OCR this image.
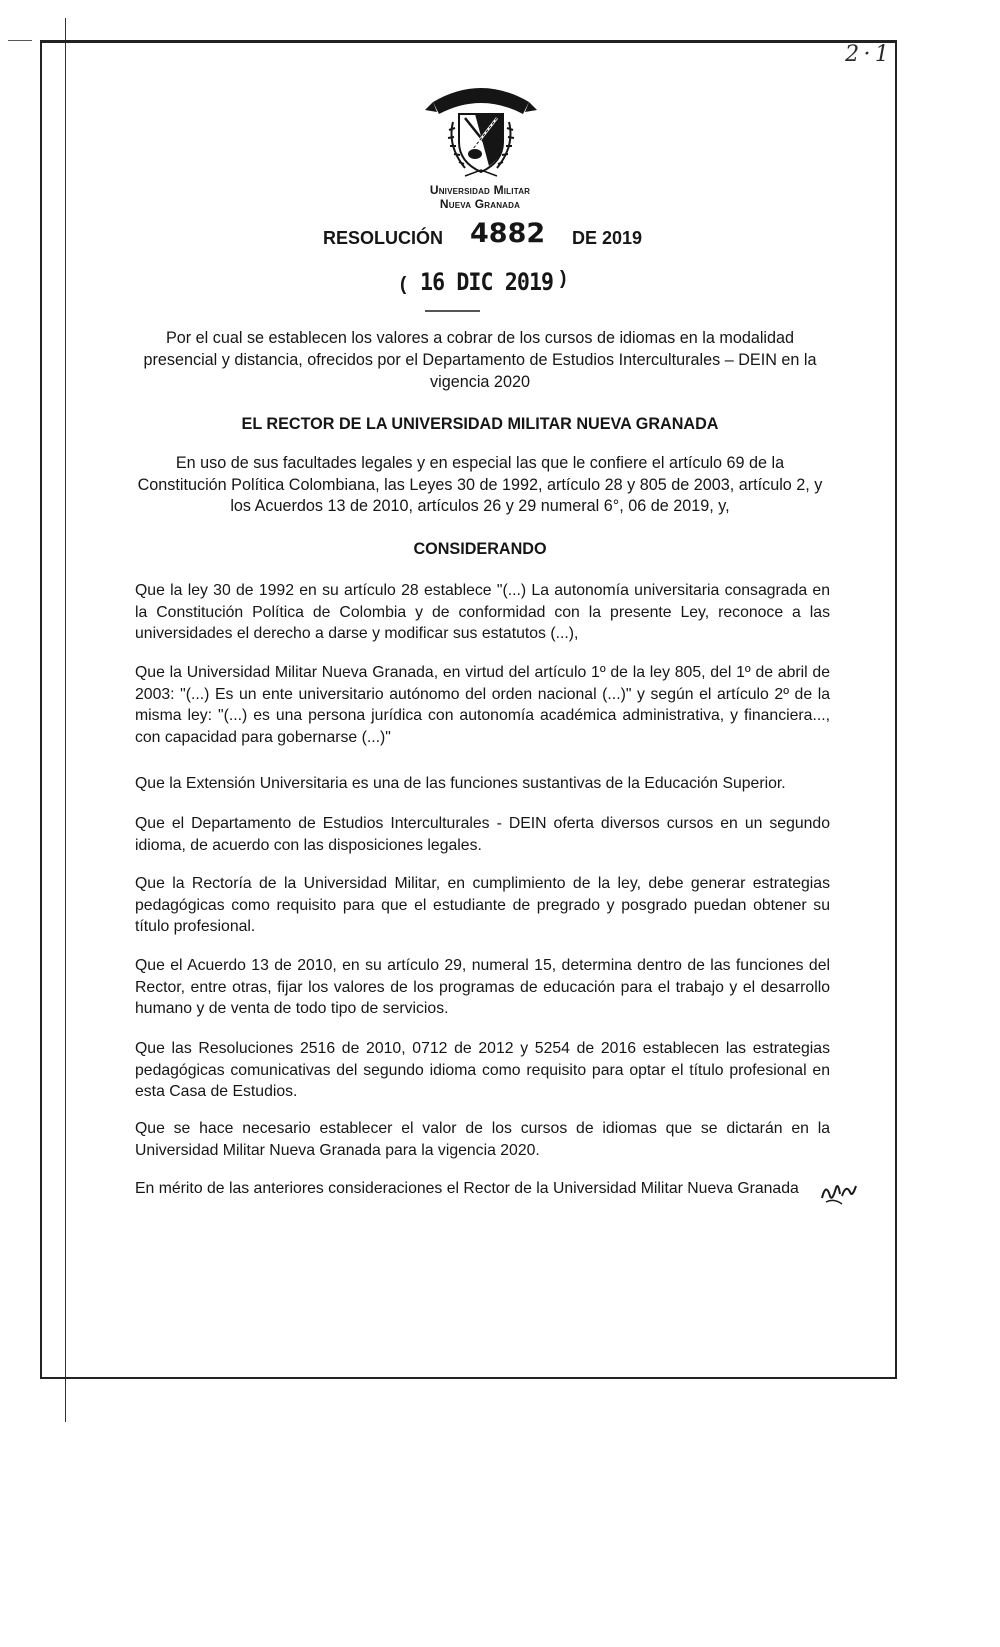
2 · 1
Universidad Militar
Nueva Granada
RESOLUCIÓN 4882 DE 2019
( 16 DIC 2019 )
Por el cual se establecen los valores a cobrar de los cursos de idiomas en la modalidad presencial y distancia, ofrecidos por el Departamento de Estudios Interculturales – DEIN en la vigencia 2020
EL RECTOR DE LA UNIVERSIDAD MILITAR NUEVA GRANADA
En uso de sus facultades legales y en especial las que le confiere el artículo 69 de la Constitución Política Colombiana, las Leyes 30 de 1992, artículo 28 y 805 de 2003, artículo 2, y los Acuerdos 13 de 2010, artículos 26 y 29 numeral 6°, 06 de 2019, y,
CONSIDERANDO
Que la ley 30 de 1992 en su artículo 28 establece "(...) La autonomía universitaria consagrada en la Constitución Política de Colombia y de conformidad con la presente Ley, reconoce a las universidades el derecho a darse y modificar sus estatutos (...),
Que la Universidad Militar Nueva Granada, en virtud del artículo 1º de la ley 805, del 1º de abril de 2003: "(...) Es un ente universitario autónomo del orden nacional (...)" y según el artículo 2º de la misma ley: "(...) es una persona jurídica con autonomía académica administrativa, y financiera..., con capacidad para gobernarse (...)"
Que la Extensión Universitaria es una de las funciones sustantivas de la Educación Superior.
Que el Departamento de Estudios Interculturales - DEIN oferta diversos cursos en un segundo idioma, de acuerdo con las disposiciones legales.
Que la Rectoría de la Universidad Militar, en cumplimiento de la ley, debe generar estrategias pedagógicas como requisito para que el estudiante de pregrado y posgrado puedan obtener su título profesional.
Que el Acuerdo 13 de 2010, en su artículo 29, numeral 15, determina dentro de las funciones del Rector, entre otras, fijar los valores de los programas de educación para el trabajo y el desarrollo humano y de venta de todo tipo de servicios.
Que las Resoluciones 2516 de 2010, 0712 de 2012 y 5254 de 2016 establecen las estrategias pedagógicas comunicativas del segundo idioma como requisito para optar el título profesional en esta Casa de Estudios.
Que se hace necesario establecer el valor de los cursos de idiomas que se dictarán en la Universidad Militar Nueva Granada para la vigencia 2020.
En mérito de las anteriores consideraciones el Rector de la Universidad Militar Nueva Granada
